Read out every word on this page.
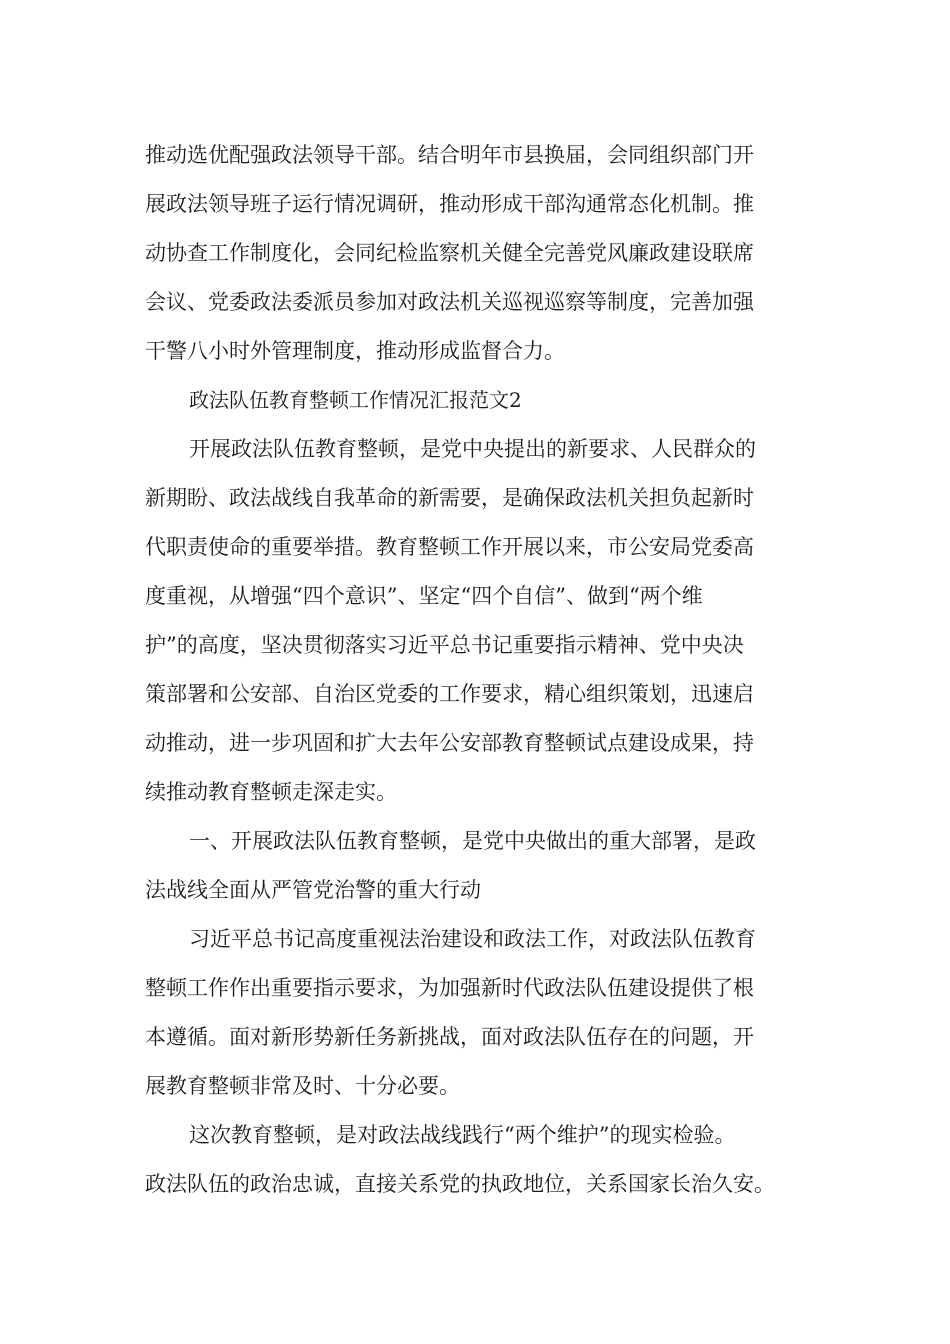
推动选优配强政法领导干部。结合明年市县换届，会同组织部门开
展政法领导班子运行情况调研，推动形成干部沟通常态化机制。推
动协查工作制度化，会同纪检监察机关健全完善党风廉政建设联席
会议、党委政法委派员参加对政法机关巡视巡察等制度，完善加强
干警八小时外管理制度，推动形成监督合力。
政法队伍教育整顿工作情况汇报范文2
开展政法队伍教育整顿，是党中央提出的新要求、人民群众的
新期盼、政法战线自我革命的新需要，是确保政法机关担负起新时
代职责使命的重要举措。教育整顿工作开展以来，市公安局党委高
度重视，从增强“四个意识”、坚定“四个自信”、做到“两个维
护”的高度，坚决贯彻落实习近平总书记重要指示精神、党中央决
策部署和公安部、自治区党委的工作要求，精心组织策划，迅速启
动推动，进一步巩固和扩大去年公安部教育整顿试点建设成果，持
续推动教育整顿走深走实。
一、开展政法队伍教育整顿，是党中央做出的重大部署，是政
法战线全面从严管党治警的重大行动
习近平总书记高度重视法治建设和政法工作，对政法队伍教育
整顿工作作出重要指示要求，为加强新时代政法队伍建设提供了根
本遵循。面对新形势新任务新挑战，面对政法队伍存在的问题，开
展教育整顿非常及时、十分必要。
这次教育整顿，是对政法战线践行“两个维护”的现实检验。
政法队伍的政治忠诚，直接关系党的执政地位，关系国家长治久安。
